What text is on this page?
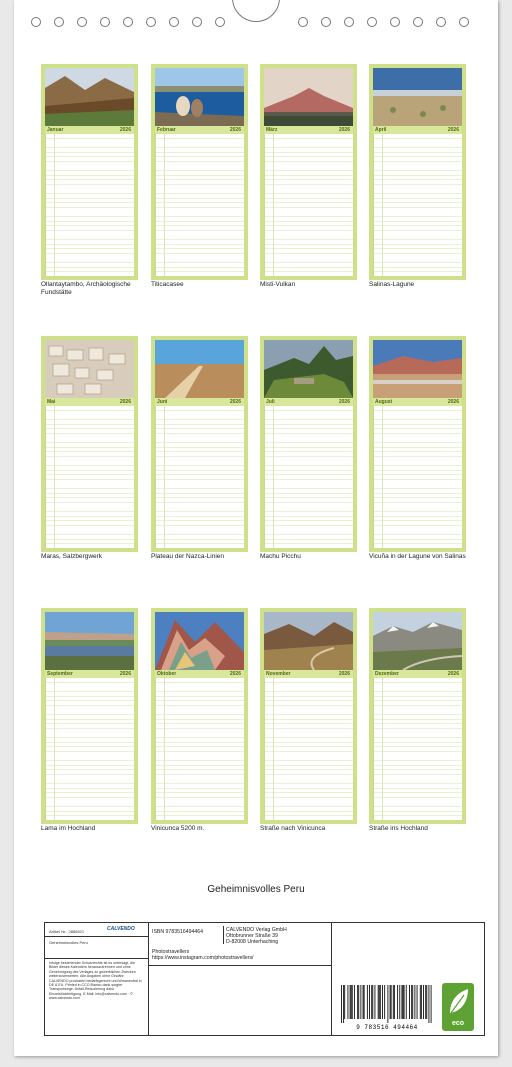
Januar	2026
Ollantaytambo, Archäologische Fundstätte
Februar	2026
Titicacasee
März	2026
Misti-Vulkan
April	2026
Salinas-Lagune
Mai	2026
Maras, Salzbergwerk
Juni	2026
Plateau der Nazca-Linien
Juli	2026
Machu Picchu
August	2026
Vicuña in der Lagune von Salinas
September	2026
Lama im Hochland
Oktober	2026
Vinicunca 5200 m.
November	2026
Straße nach Vinicunca
Dezember	2026
Straße ins Hochland
Geheimnisvolles Peru
Artikel Nr.: 2886521	CALVENDO
Geheimnisvolles Peru
Infolge bestehender Schutzrechte ist es untersagt, die Bilder dieses Kalenders herauszutrennen und ohne Genehmigung des Verlages zu gewerblichen Zwecken weiterzuverwerten. Alle Angaben ohne Gewähr. CALVENDO produziert bedarfsgerecht und klimaneutral in DE & EU. Printed in CCO Bianco dank sorgter Transportwege. Anfall-Reduzierung dank Einzelstückfertigung. E-Mail: info@calvendo.com · © www.calvendo.com
ISBN 9783516494464
Photostravellers
https://www.instagram.com/photostravellers/
CALVENDO Verlag GmbH
Ottobrunner Straße 39
D-82008 Unterhaching
9 783516 494464
eco
